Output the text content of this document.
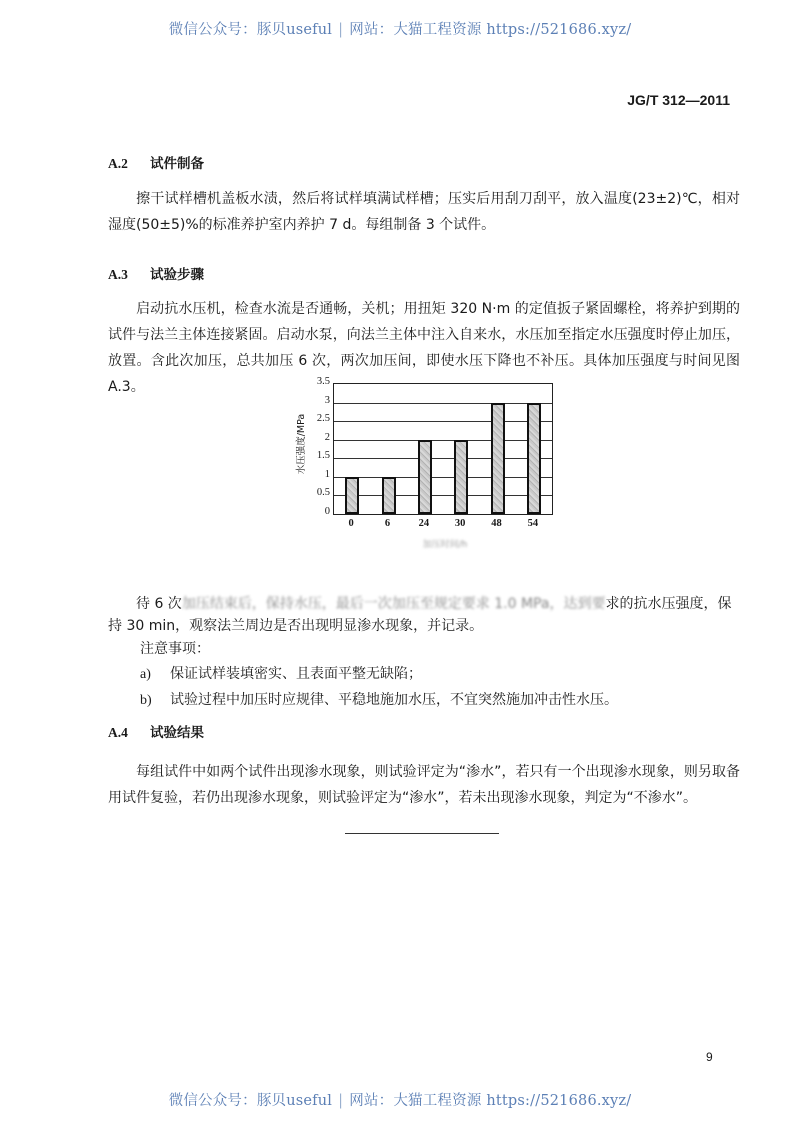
微信公众号：豚贝useful | 网站：大猫工程资源 https://521686.xyz/
JG/T 312—2011
A.2 试件制备
擦干试样槽机盖板水渍，然后将试样填满试样槽；压实后用刮刀刮平，放入温度(23±2)℃，相对湿度(50±5)%的标准养护室内养护 7 d。每组制备 3 个试件。
A.3 试验步骤
启动抗水压机，检查水流是否通畅，关机；用扭矩 320 N·m 的定值扳子紧固螺栓，将养护到期的试件与法兰主体连接紧固。启动水泵，向法兰主体中注入自来水，水压加至指定水压强度时停止加压，放置。含此次加压，总共加压 6 次，两次加压间，即使水压下降也不补压。具体加压强度与时间见图 A.3。
水压强度/MPa
0
0.5
1
1.5
2
2.5
3
3.5
0	6	24	30	48	54
加压时间/h
待 6 次加压结束后，保持水压，最后一次加压至规定要求 1.0 MPa，达到要求的抗水压强度，保
持 30 min，观察法兰周边是否出现明显渗水现象，并记录。
注意事项：
a) 保证试样装填密实、且表面平整无缺陷；
b) 试验过程中加压时应规律、平稳地施加水压，不宜突然施加冲击性水压。
A.4 试验结果
每组试件中如两个试件出现渗水现象，则试验评定为“渗水”，若只有一个出现渗水现象，则另取备用试件复验，若仍出现渗水现象，则试验评定为“渗水”，若未出现渗水现象，判定为“不渗水”。
9
微信公众号：豚贝useful | 网站：大猫工程资源 https://521686.xyz/
